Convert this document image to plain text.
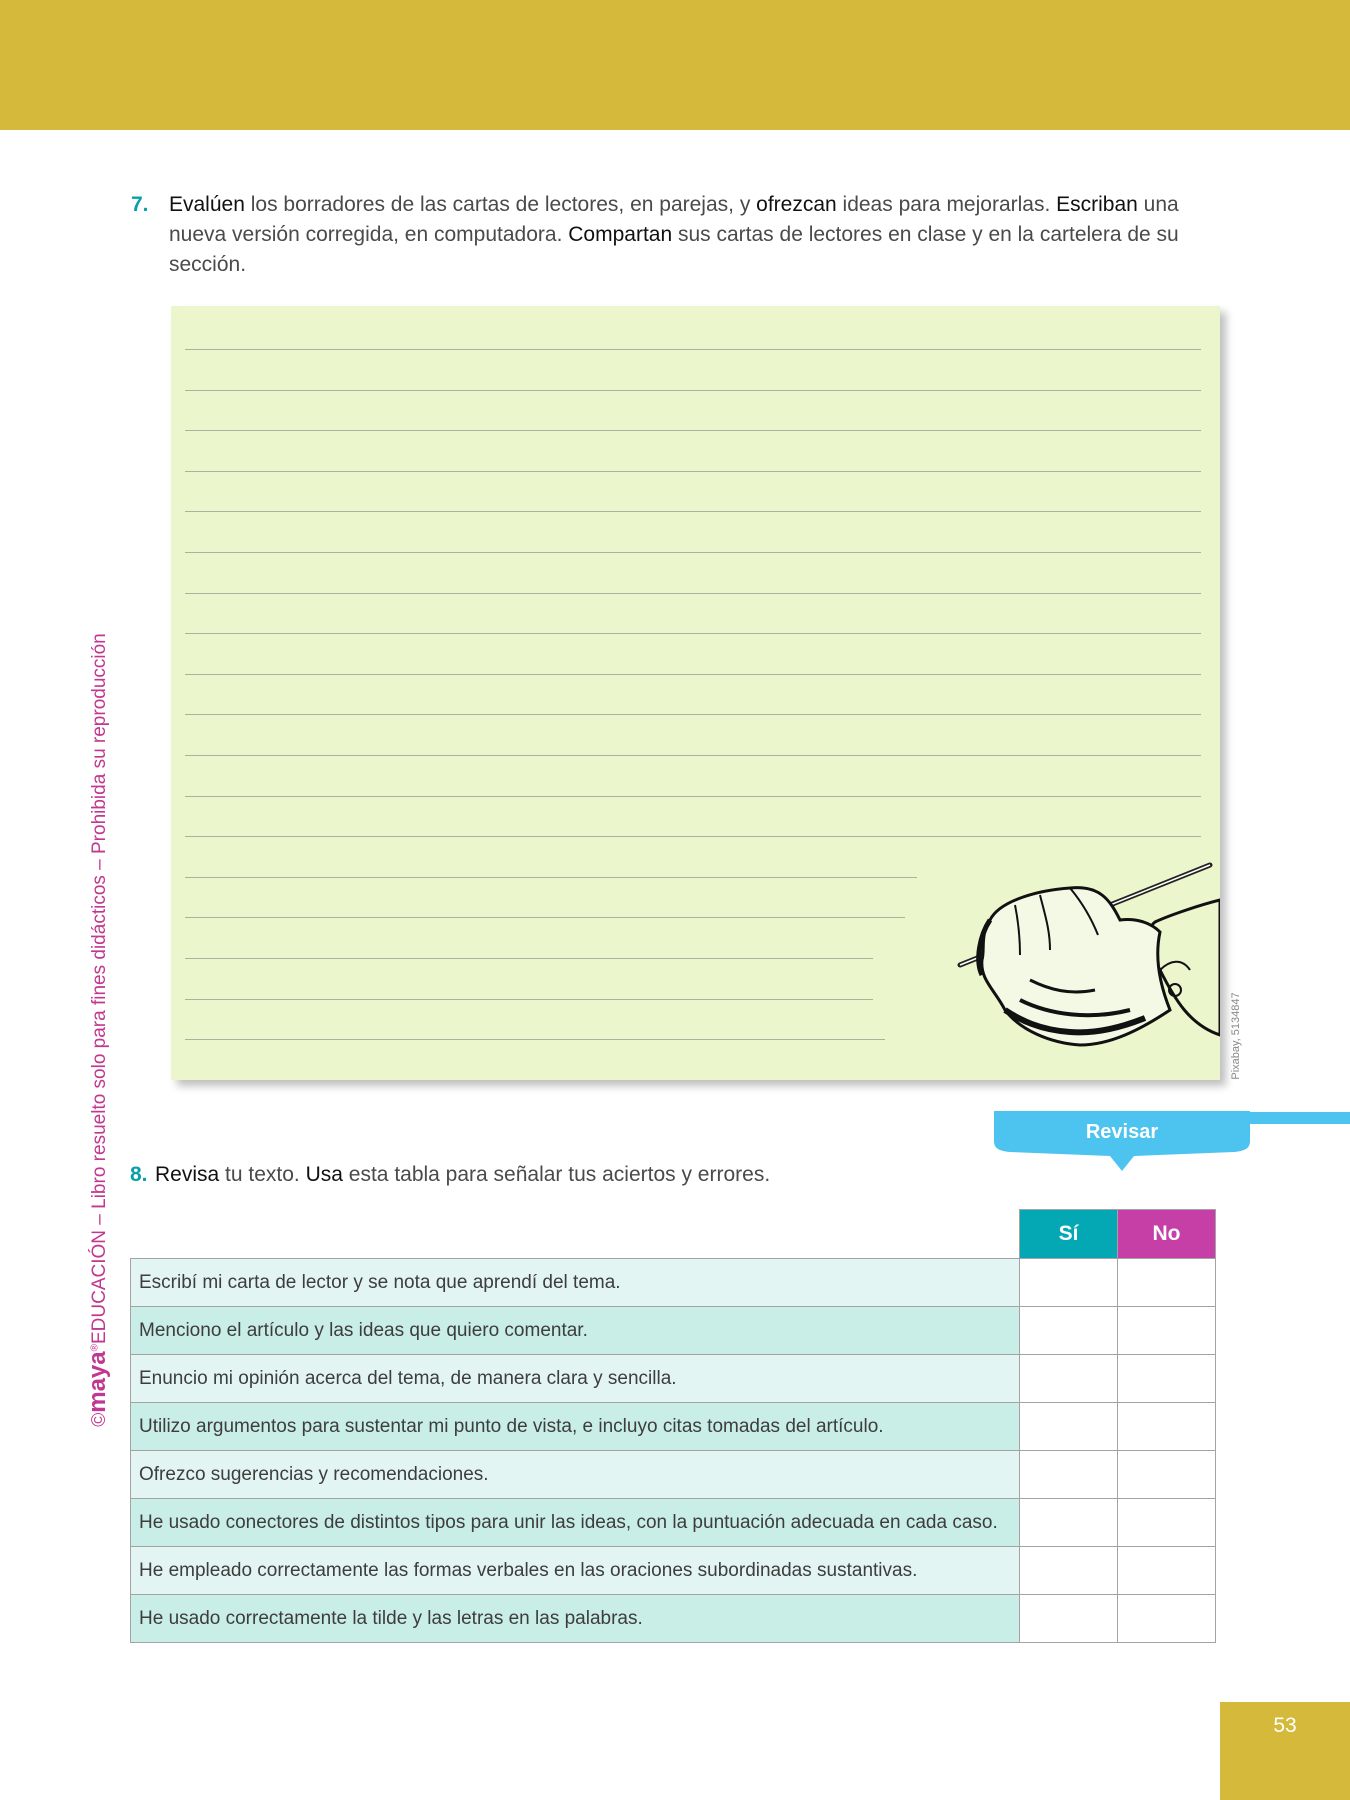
©maya®EDUCACIÓN – Libro resuelto solo para fines didácticos – Prohibida su reproducción
7. Evalúen los borradores de las cartas de lectores, en parejas, y ofrezcan ideas para mejorarlas. Escriban una nueva versión corregida, en computadora. Compartan sus cartas de lectores en clase y en la cartelera de su sección.
Pixabay, 5134847
Revisar
8. Revisa tu texto. Usa esta tabla para señalar tus aciertos y errores.
	Sí	No
Escribí mi carta de lector y se nota que aprendí del tema.		
Menciono el artículo y las ideas que quiero comentar.		
Enuncio mi opinión acerca del tema, de manera clara y sencilla.		
Utilizo argumentos para sustentar mi punto de vista, e incluyo citas tomadas del artículo.		
Ofrezco sugerencias y recomendaciones.		
He usado conectores de distintos tipos para unir las ideas, con la puntuación adecuada en cada caso.		
He empleado correctamente las formas verbales en las oraciones subordinadas sustantivas.		
He usado correctamente la tilde y las letras en las palabras.		
53
